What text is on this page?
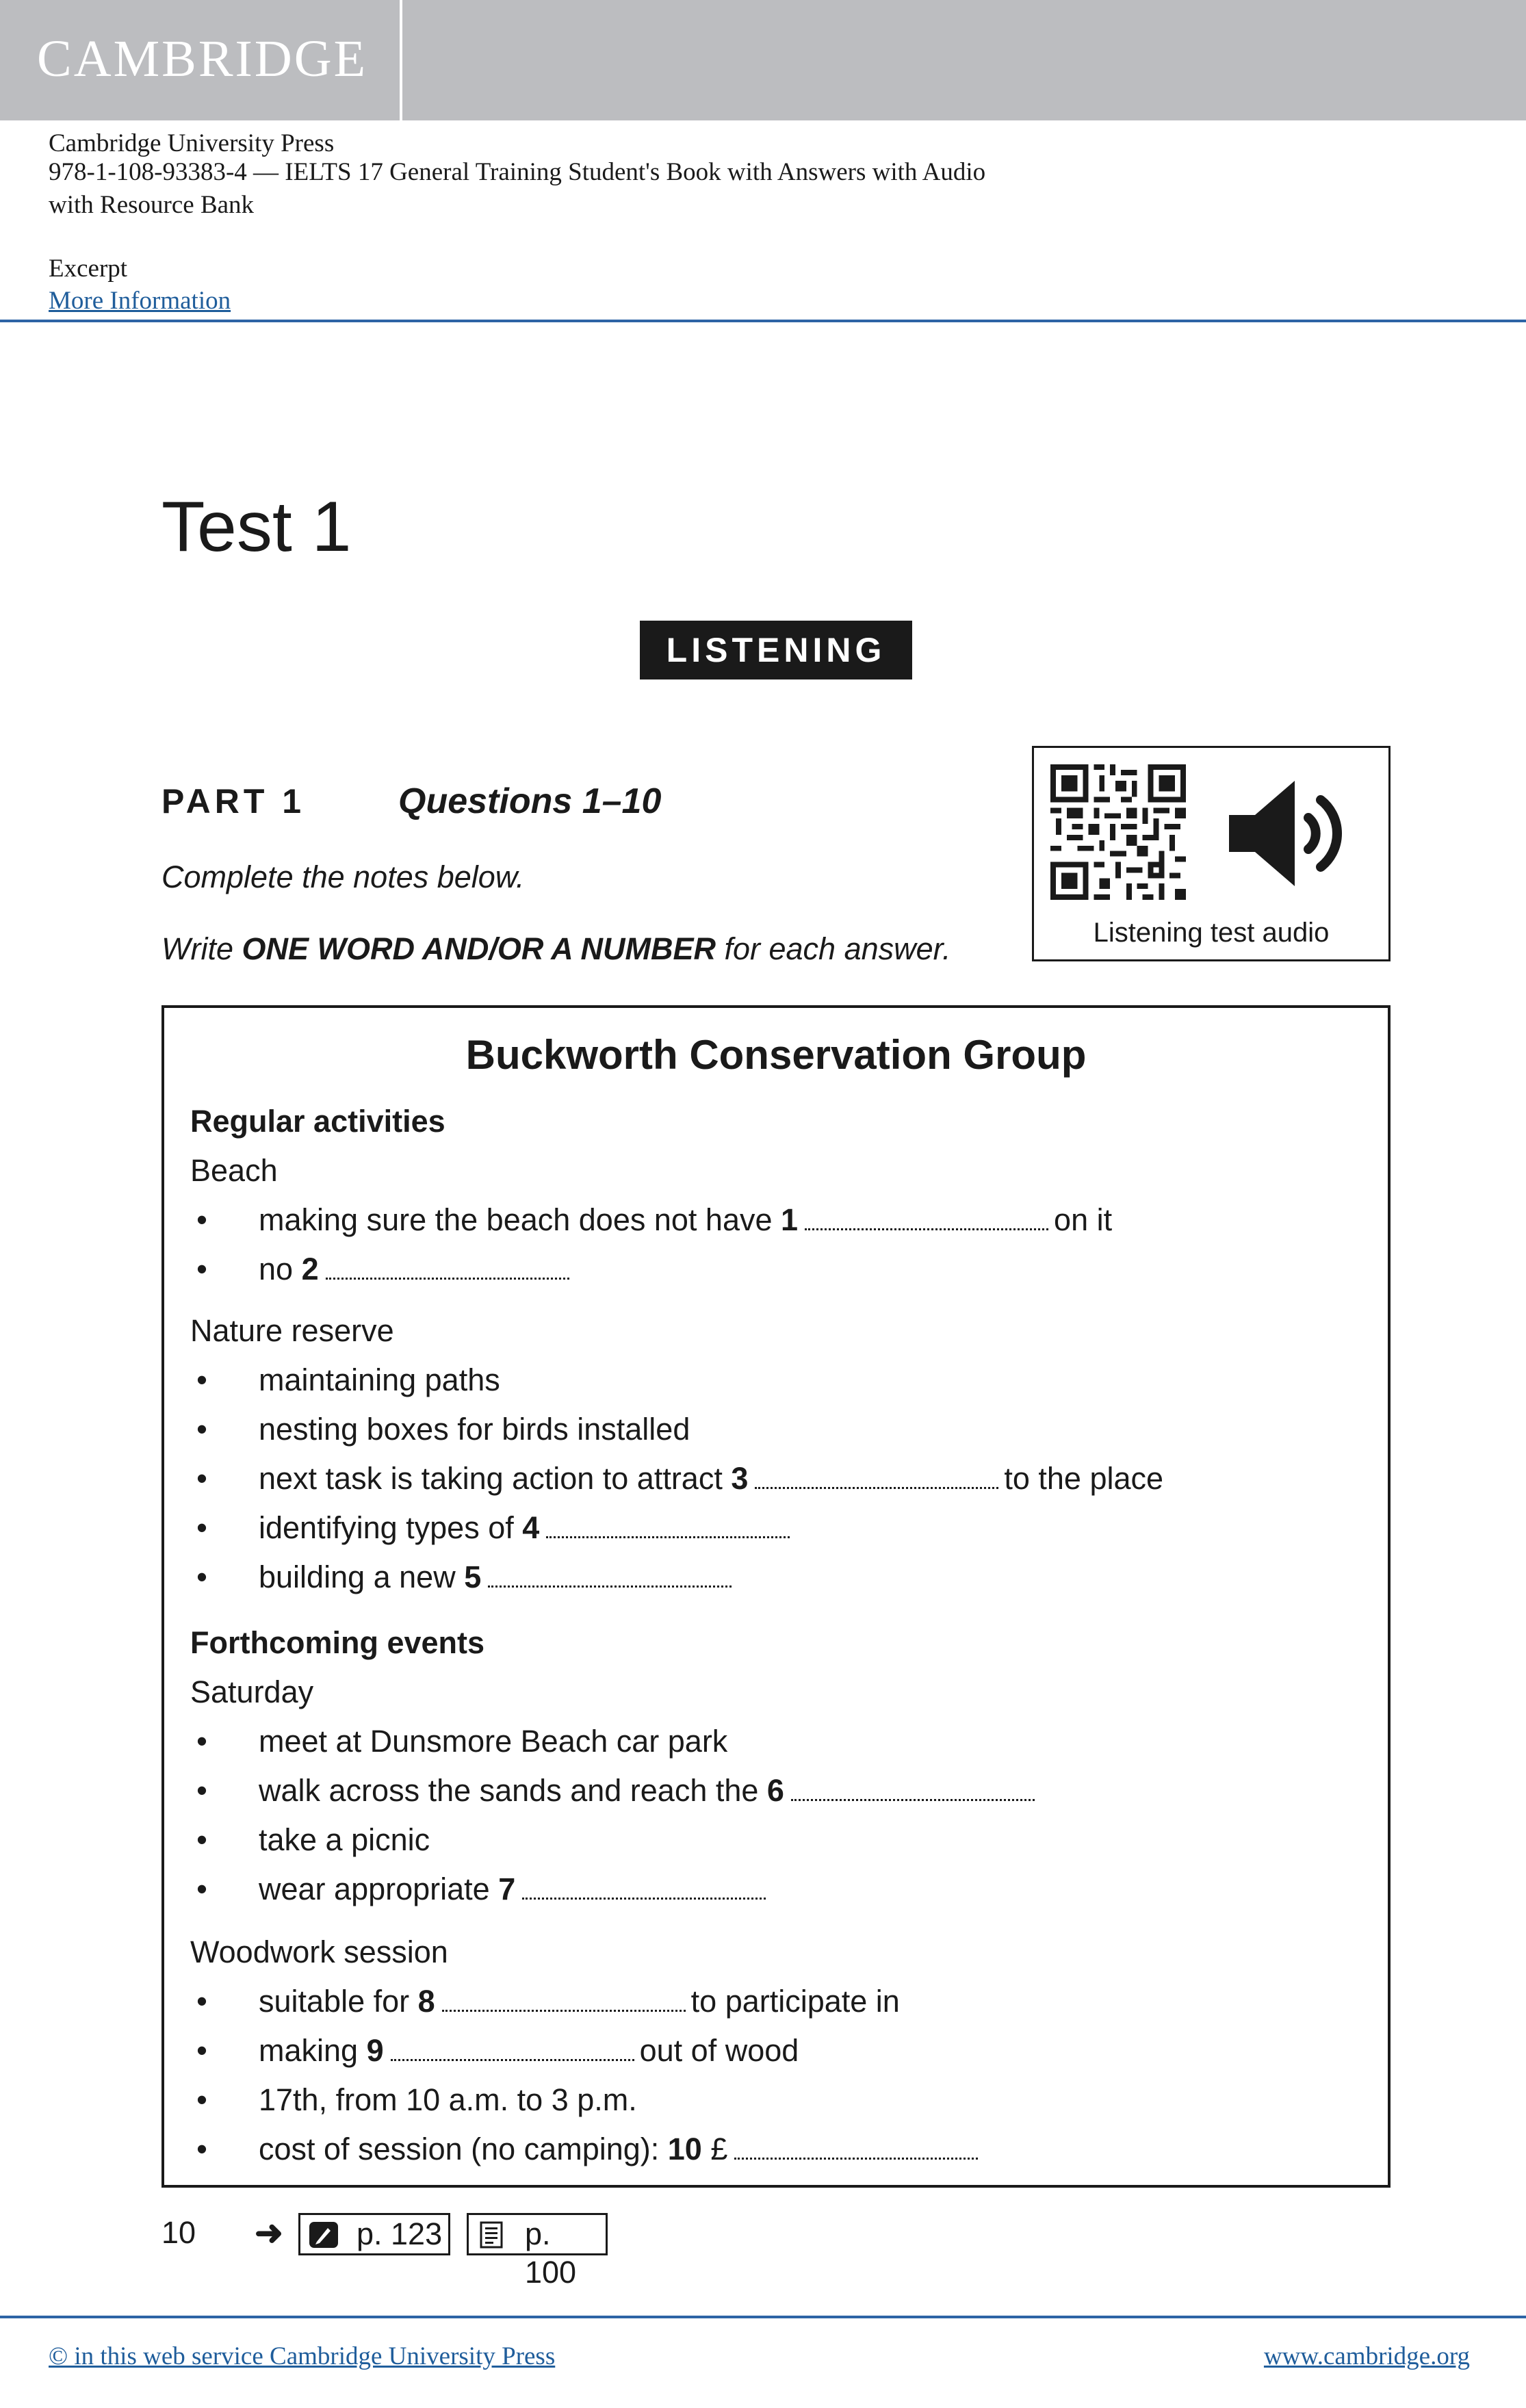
CAMBRIDGE
Cambridge University Press
978-1-108-93383-4 — IELTS 17 General Training Student's Book with Answers with Audio
with Resource Bank
Excerpt
More Information
Test 1
LISTENING
PART 1	Questions 1–10
Complete the notes below.
Write ONE WORD AND/OR A NUMBER for each answer.	Listening test audio
Buckworth Conservation Group
Regular activities
Beach
• making sure the beach does not have 1	on it
• no 2
Nature reserve
• maintaining paths
• nesting boxes for birds installed
• next task is taking action to attract 3	to the place
• identifying types of 4
• building a new 5
Forthcoming events
Saturday
• meet at Dunsmore Beach car park
• walk across the sands and reach the 6
• take a picnic
• wear appropriate 7
Woodwork session
• suitable for 8	to participate in
• making 9	out of wood
• 17th, from 10 a.m. to 3 p.m.
• cost of session (no camping): 10 £
10 ➜	p. 123	p. 100
© in this web service Cambridge University Press	www.cambridge.org
